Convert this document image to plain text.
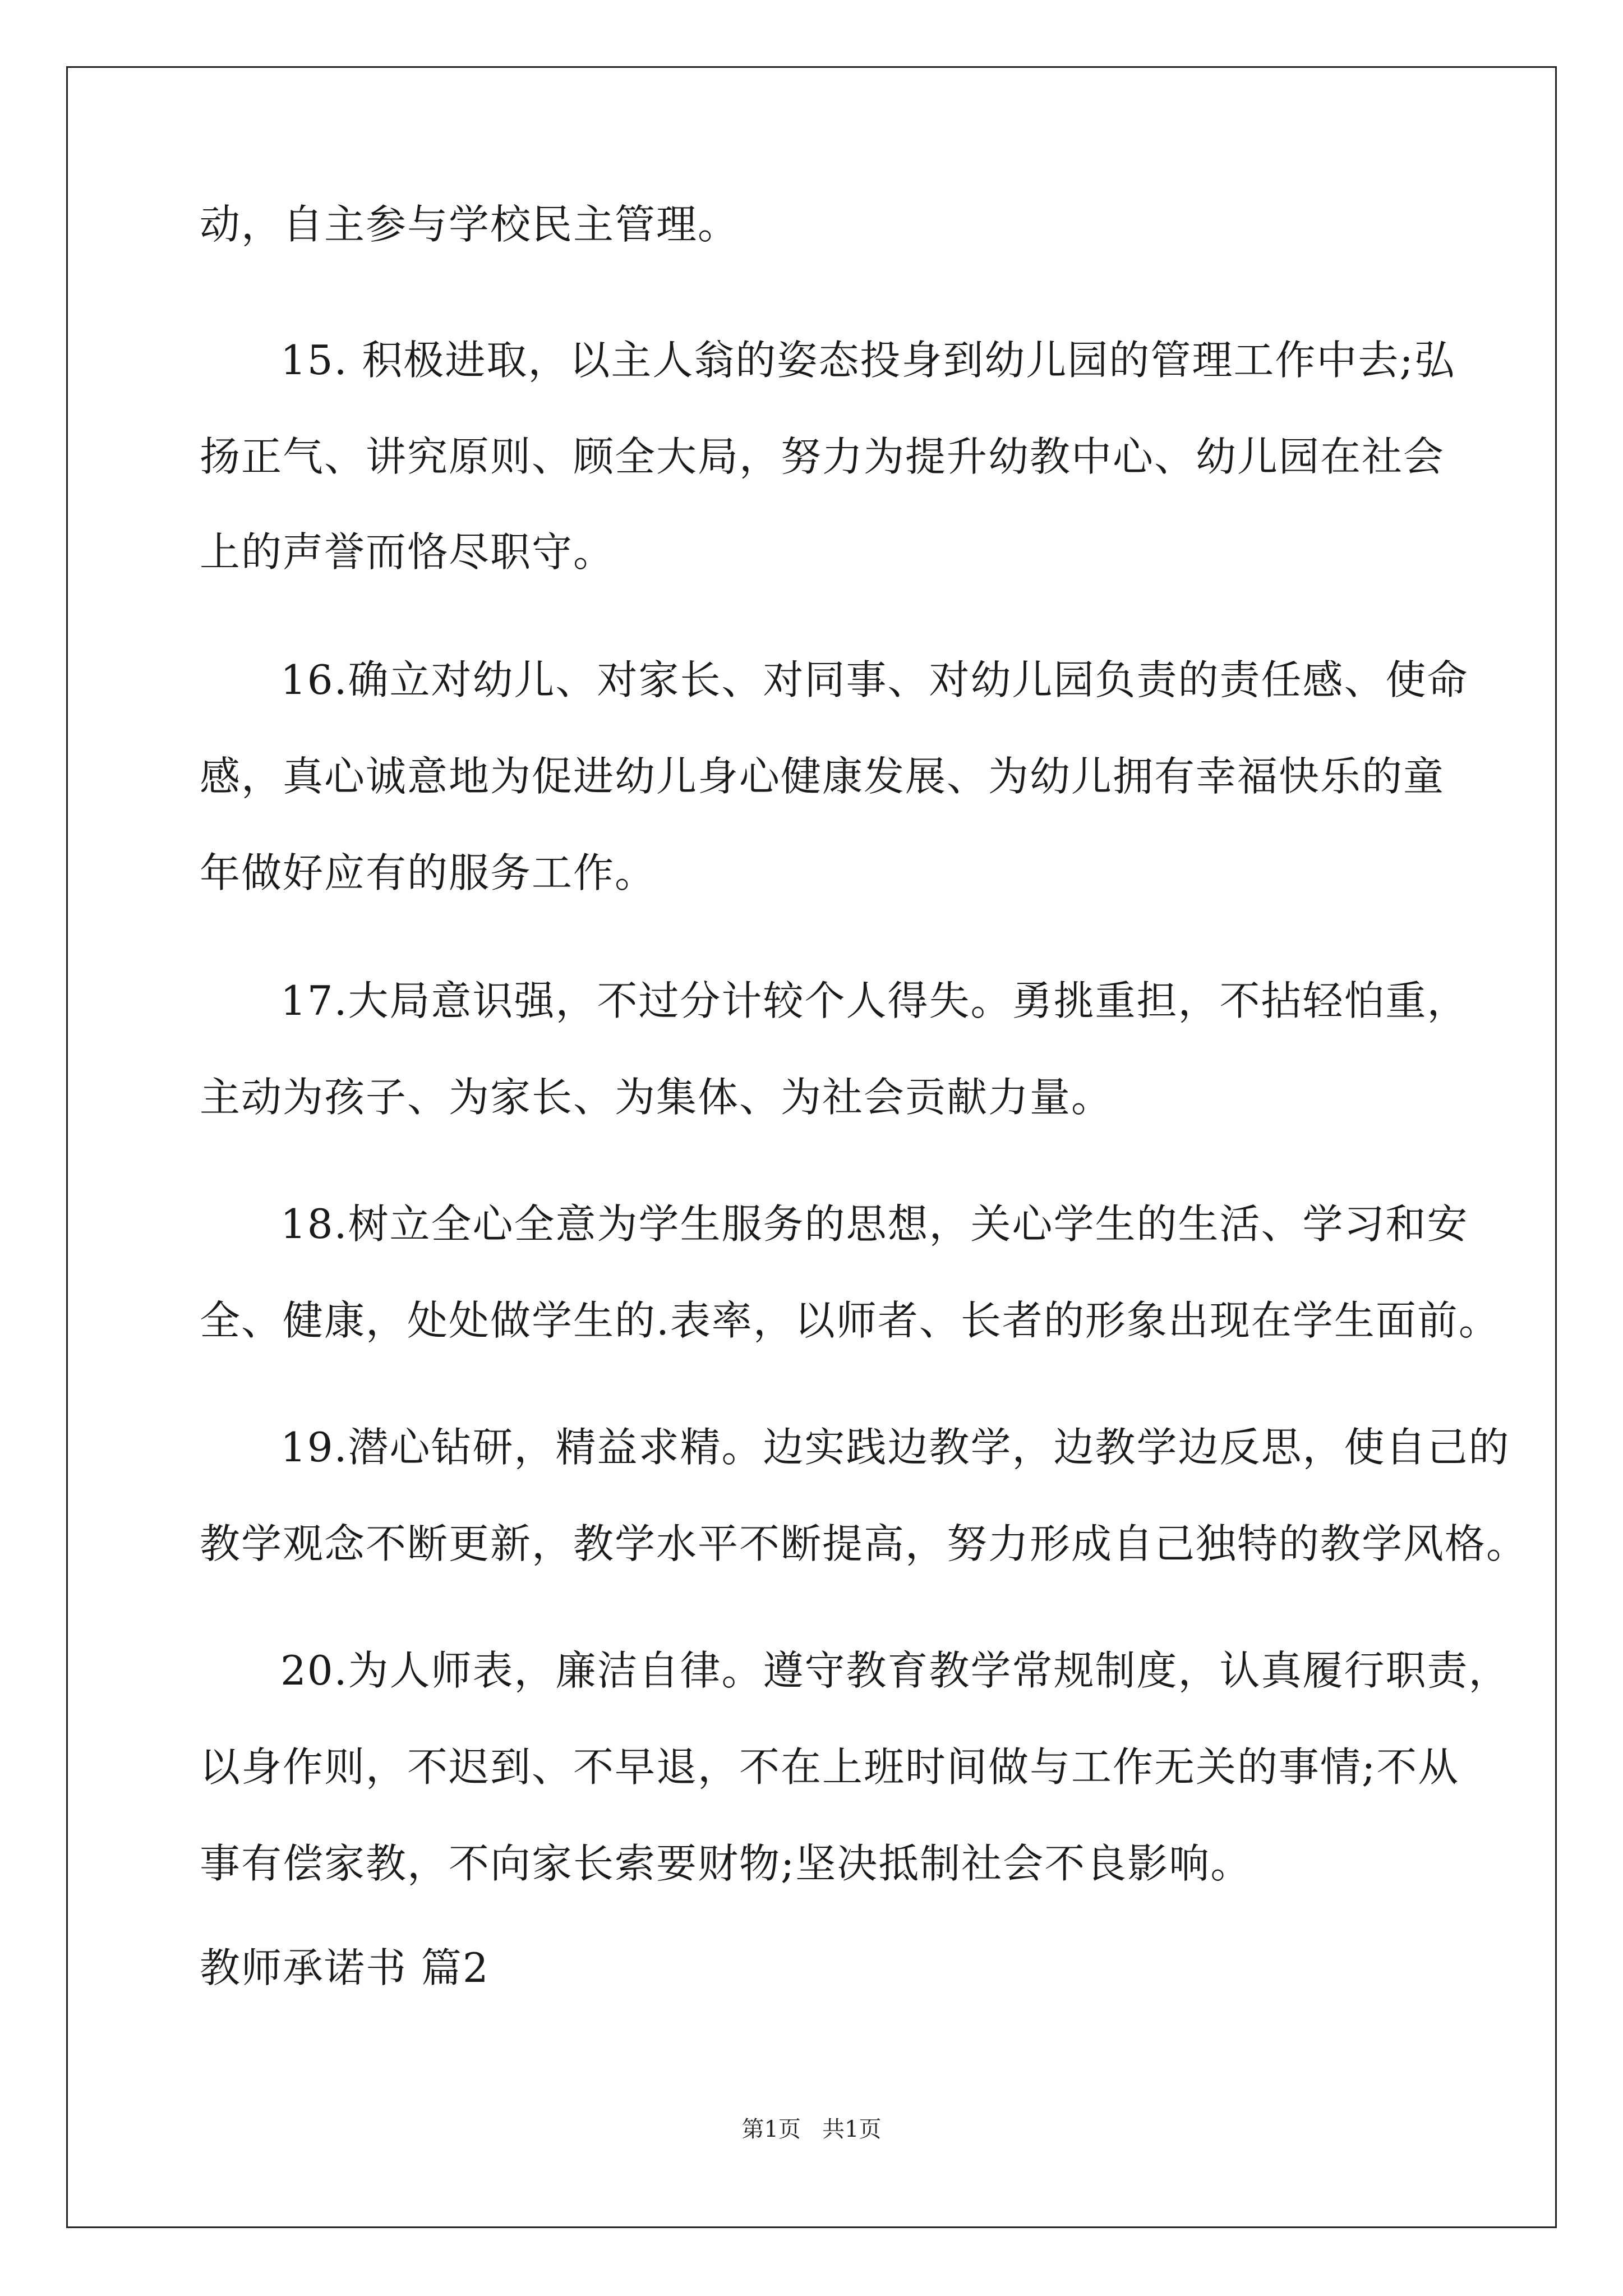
动，自主参与学校民主管理。
15. 积极进取，以主人翁的姿态投身到幼儿园的管理工作中去;弘
扬正气、讲究原则、顾全大局，努力为提升幼教中心、幼儿园在社会
上的声誉而恪尽职守。
16.确立对幼儿、对家长、对同事、对幼儿园负责的责任感、使命
感，真心诚意地为促进幼儿身心健康发展、为幼儿拥有幸福快乐的童
年做好应有的服务工作。
17.大局意识强，不过分计较个人得失。勇挑重担，不拈轻怕重，
主动为孩子、为家长、为集体、为社会贡献力量。
18.树立全心全意为学生服务的思想，关心学生的生活、学习和安
全、健康，处处做学生的.表率，以师者、长者的形象出现在学生面前。
19.潜心钻研，精益求精。边实践边教学，边教学边反思，使自己的
教学观念不断更新，教学水平不断提高，努力形成自己独特的教学风格。
20.为人师表，廉洁自律。遵守教育教学常规制度，认真履行职责，
以身作则，不迟到、不早退，不在上班时间做与工作无关的事情;不从
事有偿家教，不向家长索要财物;坚决抵制社会不良影响。
教师承诺书 篇2
第1页   共1页
